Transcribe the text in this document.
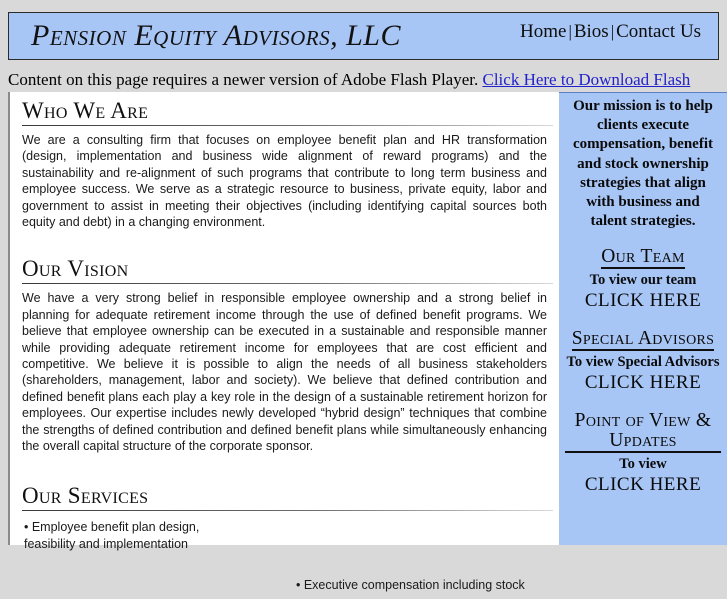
Pension Equity Advisors, LLC	Home | Bios | Contact Us
Content on this page requires a newer version of Adobe Flash Player. Click Here to Download Flash
Who We Are
We are a consulting firm that focuses on employee benefit plan and HR transformation (design, implementation and business wide alignment of reward programs) and the sustainability and re-alignment of such programs that contribute to long term business and employee success. We serve as a strategic resource to business, private equity, labor and government to assist in meeting their objectives (including identifying capital sources both equity and debt) in a changing environment.
Our Vision
We have a very strong belief in responsible employee ownership and a strong belief in planning for adequate retirement income through the use of defined benefit programs. We believe that employee ownership can be executed in a sustainable and responsible manner while providing adequate retirement income for employees that are cost efficient and competitive. We believe it is possible to align the needs of all business stakeholders (shareholders, management, labor and society). We believe that defined contribution and defined benefit plans each play a key role in the design of a sustainable retirement horizon for employees. Our expertise includes newly developed “hybrid design” techniques that combine the strengths of defined contribution and defined benefit plans while simultaneously enhancing the overall capital structure of the corporate sponsor.
Our Services
• Employee benefit plan design, feasibility and implementation
• Executive compensation including stock
Our mission is to help clients execute compensation, benefit and stock ownership strategies that align with business and talent strategies.
Our Team
To view our team
CLICK HERE
Special Advisors
To view Special Advisors
CLICK HERE
Point of View & Updates
To view
CLICK HERE
